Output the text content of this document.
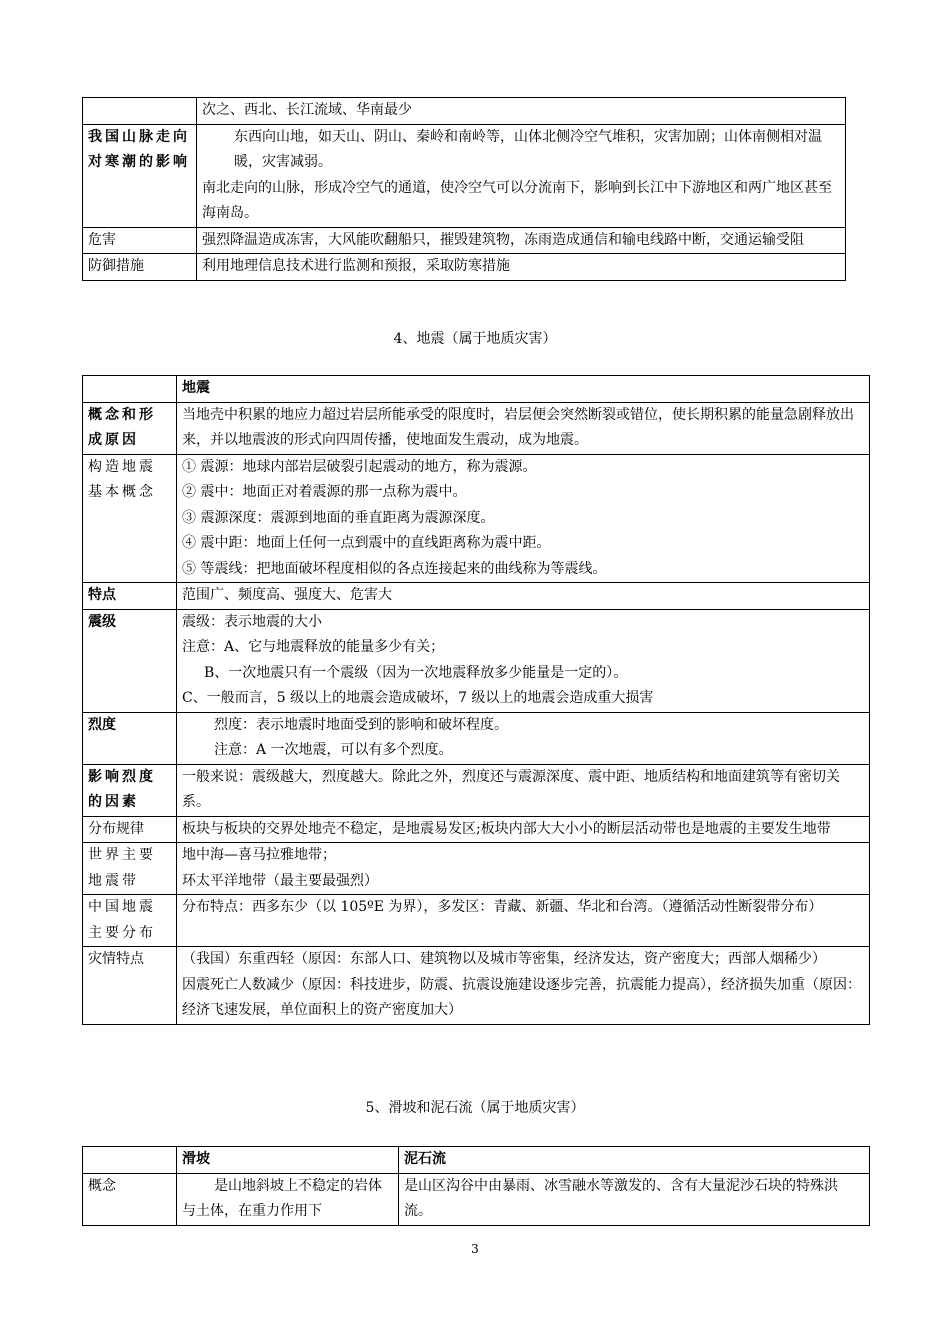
	次之、西北、长江流域、华南最少

我国山脉走向对寒潮的影响	东西向山地，如天山、阴山、秦岭和南岭等，山体北侧冷空气堆积，灾害加剧；山体南侧相对温暖，灾害减弱。
南北走向的山脉，形成冷空气的通道，使冷空气可以分流南下，影响到长江中下游地区和两广地区甚至海南岛。

危害	强烈降温造成冻害，大风能吹翻船只，摧毁建筑物，冻雨造成通信和输电线路中断，交通运输受阻

防御措施	利用地理信息技术进行监测和预报，采取防寒措施
4、地震（属于地质灾害）
	地震
概念和形成原因	当地壳中积累的地应力超过岩层所能承受的限度时，岩层便会突然断裂或错位，使长期积累的能量急剧释放出来，并以地震波的形式向四周传播，使地面发生震动，成为地震。

构造地震基本概念	① 震源：地球内部岩层破裂引起震动的地方，称为震源。
② 震中：地面正对着震源的那一点称为震中。
③ 震源深度：震源到地面的垂直距离为震源深度。
④ 震中距：地面上任何一点到震中的直线距离称为震中距。
⑤ 等震线：把地面破坏程度相似的各点连接起来的曲线称为等震线。

特点	范围广、频度高、强度大、危害大

震级	震级：表示地震的大小
注意：A、它与地震释放的能量多少有关；
B、一次地震只有一个震级（因为一次地震释放多少能量是一定的）。
C、一般而言，5 级以上的地震会造成破坏，7 级以上的地震会造成重大损害

烈度	烈度：表示地震时地面受到的影响和破坏程度。
注意：A 一次地震，可以有多个烈度。

影响烈度的因素	一般来说：震级越大，烈度越大。除此之外，烈度还与震源深度、震中距、地质结构和地面建筑等有密切关系。

分布规律	板块与板块的交界处地壳不稳定，是地震易发区;板块内部大大小小的断层活动带也是地震的主要发生地带

世界主要地震带	地中海—喜马拉雅地带；
环太平洋地带（最主要最强烈）

中国地震主要分布	分布特点：西多东少（以 105ºE 为界），多发区：青藏、新疆、华北和台湾。（遵循活动性断裂带分布）

灾情特点	（我国）东重西轻（原因：东部人口、建筑物以及城市等密集，经济发达，资产密度大；西部人烟稀少）
因震死亡人数减少（原因：科技进步，防震、抗震设施建设逐步完善，抗震能力提高），经济损失加重（原因：经济飞速发展，单位面积上的资产密度加大）
5、滑坡和泥石流（属于地质灾害）
	滑坡	泥石流
概念	是山地斜坡上不稳定的岩体与土体，在重力作用下	是山区沟谷中由暴雨、冰雪融水等激发的、含有大量泥沙石块的特殊洪流。
3
